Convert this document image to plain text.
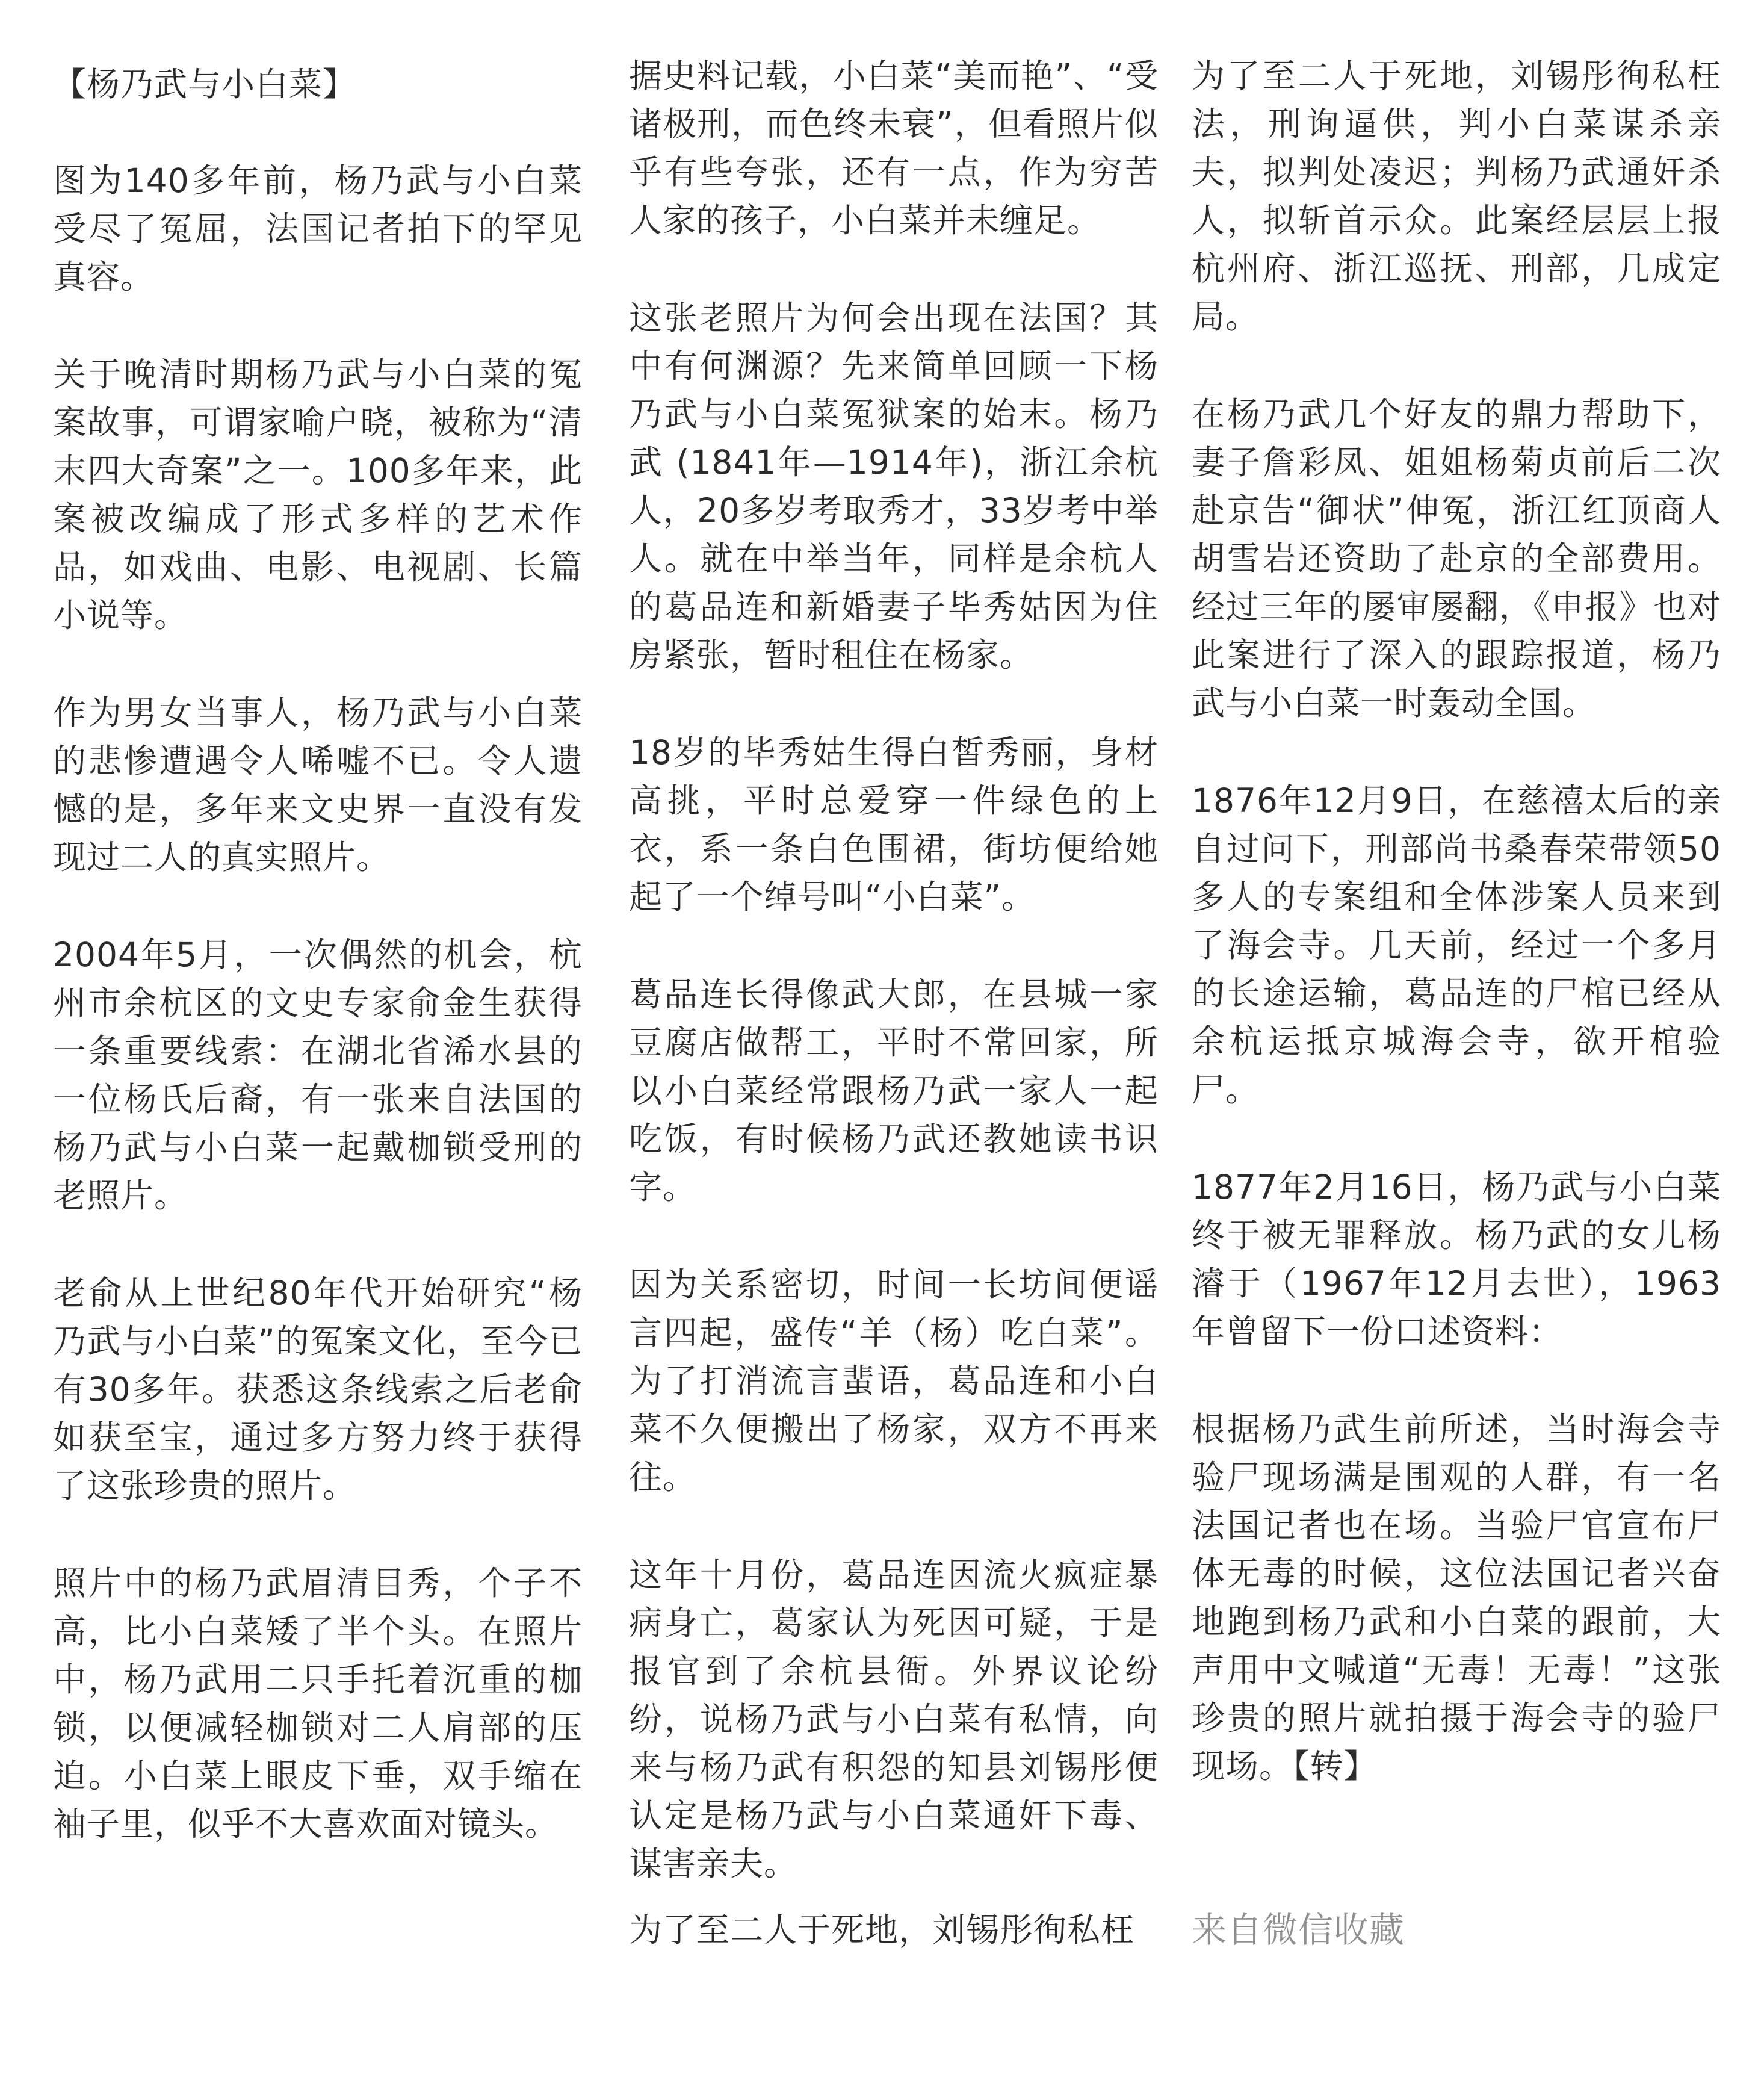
【杨乃武与小白菜】

图为140多年前，杨乃武与小白菜受尽了冤屈，法国记者拍下的罕见真容。

关于晚清时期杨乃武与小白菜的冤案故事，可谓家喻户晓，被称为“清末四大奇案”之一。100多年来，此案被改编成了形式多样的艺术作品，如戏曲、电影、电视剧、长篇小说等。

作为男女当事人，杨乃武与小白菜的悲惨遭遇令人唏嘘不已。令人遗憾的是，多年来文史界一直没有发现过二人的真实照片。

2004年5月，一次偶然的机会，杭州市余杭区的文史专家俞金生获得一条重要线索：在湖北省浠水县的一位杨氏后裔，有一张来自法国的杨乃武与小白菜一起戴枷锁受刑的老照片。

老俞从上世纪80年代开始研究“杨乃武与小白菜”的冤案文化，至今已有30多年。获悉这条线索之后老俞如获至宝，通过多方努力终于获得了这张珍贵的照片。

照片中的杨乃武眉清目秀，个子不高，比小白菜矮了半个头。在照片中，杨乃武用二只手托着沉重的枷锁，以便减轻枷锁对二人肩部的压迫。小白菜上眼皮下垂，双手缩在袖子里，似乎不大喜欢面对镜头。

据史料记载，小白菜“美而艳”、“受诸极刑，而色终未衰”，但看照片似乎有些夸张，还有一点，作为穷苦人家的孩子，小白菜并未缠足。

这张老照片为何会出现在法国？其中有何渊源？先来简单回顾一下杨乃武与小白菜冤狱案的始末。杨乃武 (1841年—1914年)，浙江余杭人，20多岁考取秀才，33岁考中举人。就在中举当年，同样是余杭人的葛品连和新婚妻子毕秀姑因为住房紧张，暂时租住在杨家。

18岁的毕秀姑生得白皙秀丽，身材高挑，平时总爱穿一件绿色的上衣，系一条白色围裙，街坊便给她起了一个绰号叫“小白菜”。

葛品连长得像武大郎，在县城一家豆腐店做帮工，平时不常回家，所以小白菜经常跟杨乃武一家人一起吃饭，有时候杨乃武还教她读书识字。

因为关系密切，时间一长坊间便谣言四起，盛传“羊（杨）吃白菜”。为了打消流言蜚语，葛品连和小白菜不久便搬出了杨家，双方不再来往。

这年十月份，葛品连因流火疯症暴病身亡，葛家认为死因可疑，于是报官到了余杭县衙。外界议论纷纷，说杨乃武与小白菜有私情，向来与杨乃武有积怨的知县刘锡彤便认定是杨乃武与小白菜通奸下毒、谋害亲夫。

为了至二人于死地，刘锡彤徇私枉

为了至二人于死地，刘锡彤徇私枉法，刑询逼供，判小白菜谋杀亲夫，拟判处凌迟；判杨乃武通奸杀人，拟斩首示众。此案经层层上报杭州府、浙江巡抚、刑部，几成定局。

在杨乃武几个好友的鼎力帮助下，妻子詹彩凤、姐姐杨菊贞前后二次赴京告“御状”伸冤，浙江红顶商人胡雪岩还资助了赴京的全部费用。经过三年的屡审屡翻，《申报》也对此案进行了深入的跟踪报道，杨乃武与小白菜一时轰动全国。

1876年12月9日，在慈禧太后的亲自过问下，刑部尚书桑春荣带领50多人的专案组和全体涉案人员来到了海会寺。几天前，经过一个多月的长途运输，葛品连的尸棺已经从余杭运抵京城海会寺，欲开棺验尸。

1877年2月16日，杨乃武与小白菜终于被无罪释放。杨乃武的女儿杨濬于（1967年12月去世），1963年曾留下一份口述资料：

根据杨乃武生前所述，当时海会寺验尸现场满是围观的人群，有一名法国记者也在场。当验尸官宣布尸体无毒的时候，这位法国记者兴奋地跑到杨乃武和小白菜的跟前，大声用中文喊道“无毒！无毒！”这张珍贵的照片就拍摄于海会寺的验尸现场。【转】

来自微信收藏
